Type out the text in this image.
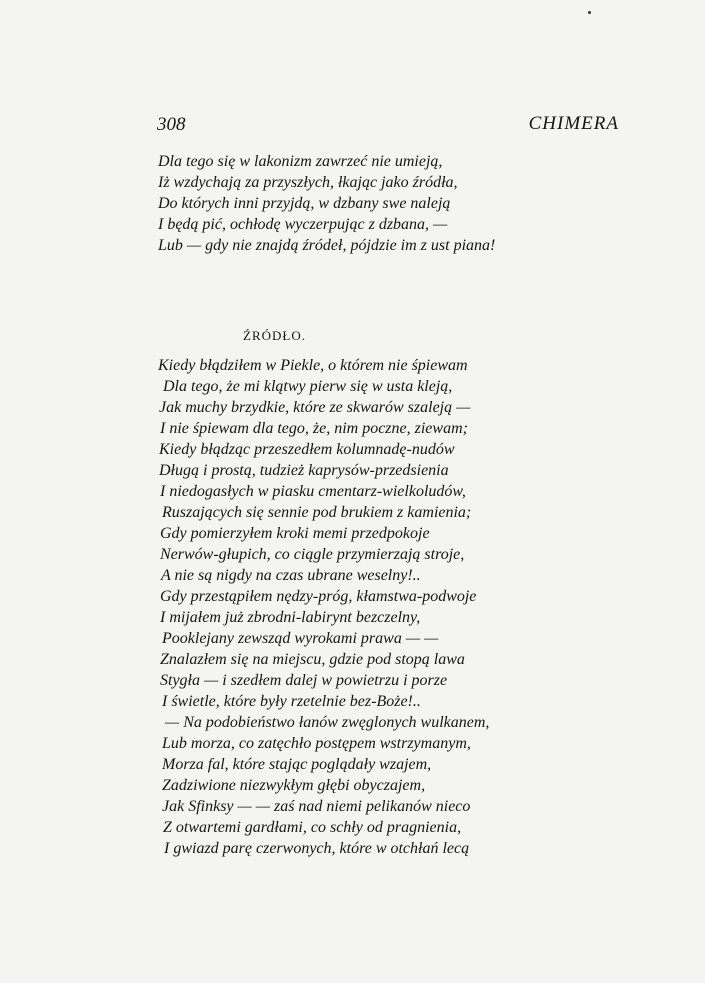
308	CHIMERA
Dla tego się w lakonizm zawrzeć nie umieją,
Iż wzdychają za przyszłych, łkając jako źródła,
Do których inni przyjdą, w dzbany swe naleją
I będą pić, ochłodę wyczerpując z dzbana, —
Lub — gdy nie znajdą źródeł, pójdzie im z ust piana!
ŹRÓDŁO.
Kiedy błądziłem w Piekle, o którem nie śpiewam
Dla tego, że mi klątwy pierw się w usta kleją,
Jak muchy brzydkie, które ze skwarów szaleją —
I nie śpiewam dla tego, że, nim poczne, ziewam;
Kiedy błądząc przeszedłem kolumnadę-nudów
Długą i prostą, tudzież kaprysów-przedsienia
I niedogasłych w piasku cmentarz-wielkoludów,
Ruszających się sennie pod brukiem z kamienia;
Gdy pomierzyłem kroki memi przedpokoje
Nerwów-głupich, co ciągle przymierzają stroje,
A nie są nigdy na czas ubrane weselny!..
Gdy przestąpiłem nędzy-próg, kłamstwa-podwoje
I mijałem już zbrodni-labirynt bezczelny,
Pooklejany zewsząd wyrokami prawa — —
Znalazłem się na miejscu, gdzie pod stopą lawa
Stygła — i szedłem dalej w powietrzu i porze
I świetle, które były rzetelnie bez-Boże!..
— Na podobieństwo łanów zwęglonych wulkanem,
Lub morza, co zatęchło postępem wstrzymanym,
Morza fal, które stając poglądały wzajem,
Zadziwione niezwykłym głębi obyczajem,
Jak Sfinksy — — zaś nad niemi pelikanów nieco
Z otwartemi gardłami, co schły od pragnienia,
I gwiazd parę czerwonych, które w otchłań lecą
